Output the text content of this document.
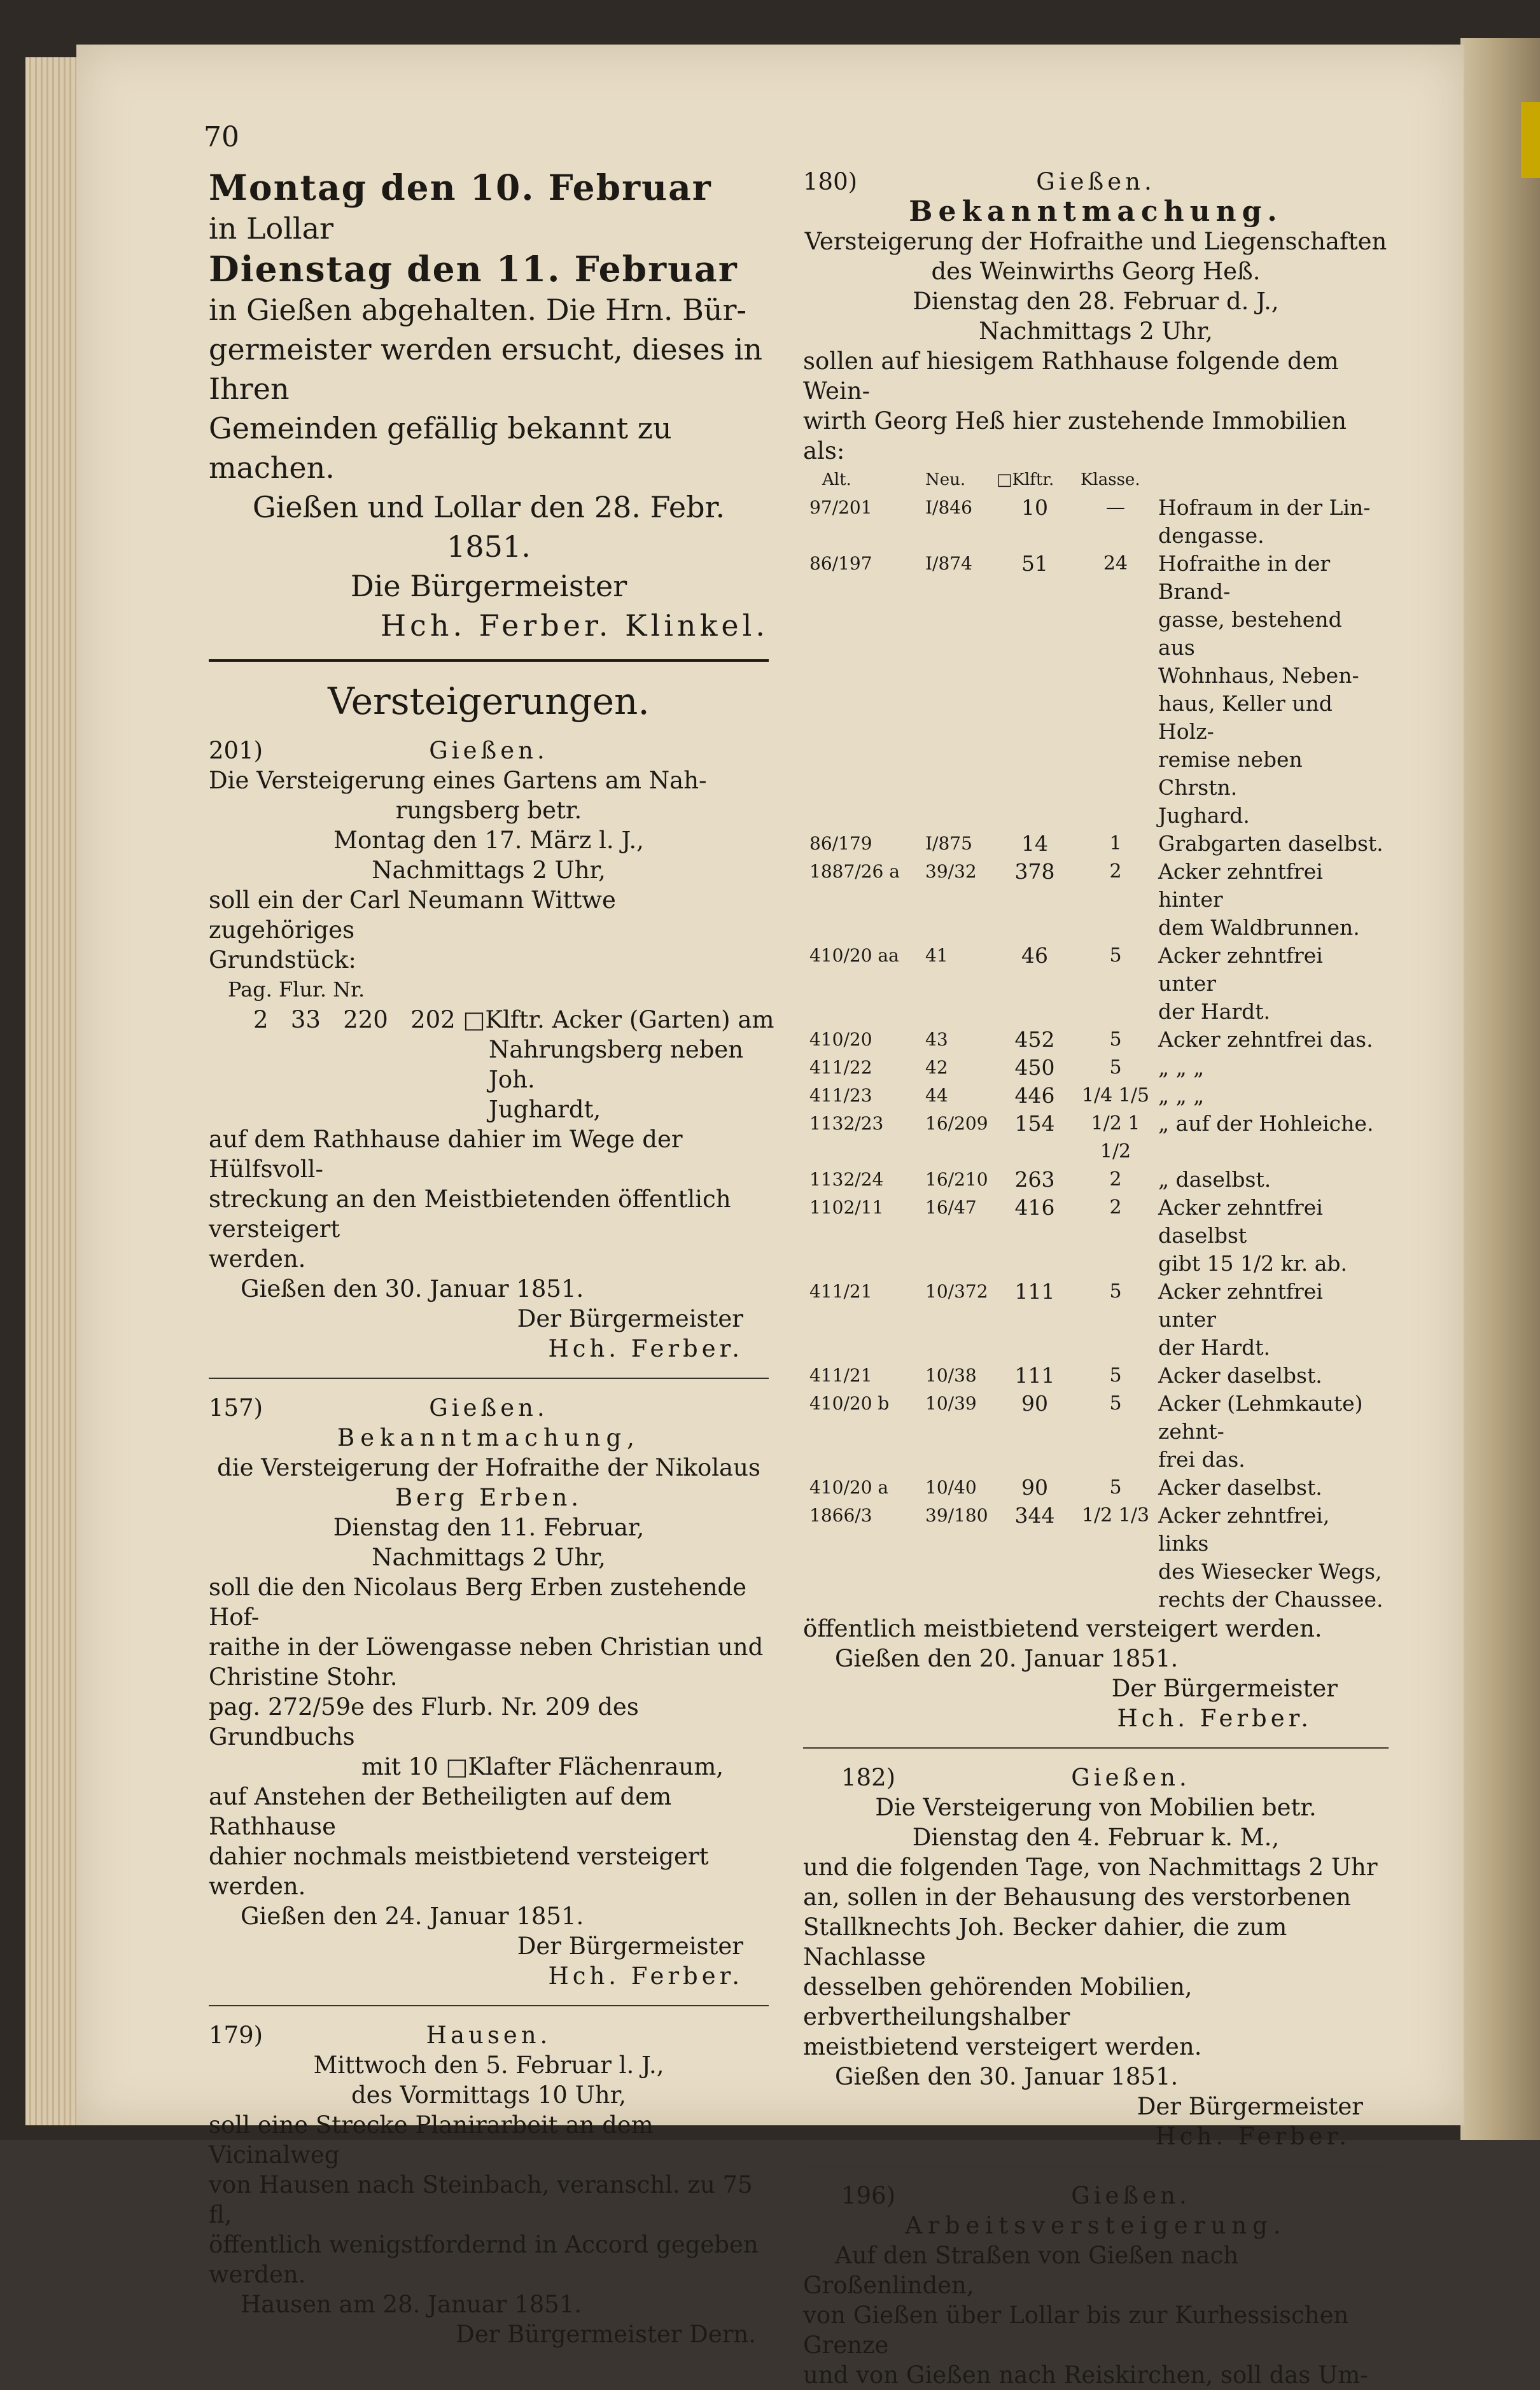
70

Montag den 10. Februar

in Lollar

Dienstag den 11. Februar

in Gießen abgehalten. Die Hrn. Bür-

germeister werden ersucht, dieses in Ihren

Gemeinden gefällig bekannt zu machen.

Gießen und Lollar den 28. Febr. 1851.

Die Bürgermeister

Hch. Ferber. Klinkel.

Versteigerungen.
201)	Gießen.

Die Versteigerung eines Gartens am Nah-

rungsberg betr.

Montag den 17. März l. J.,

Nachmittags 2 Uhr,

soll ein der Carl Neumann Wittwe zugehöriges

Grundstück:

Pag. Flur. Nr.

2   33   220   202 □Klftr. Acker (Garten) am

Nahrungsberg neben Joh.

Jughardt,

auf dem Rathhause dahier im Wege der Hülfsvoll-

streckung an den Meistbietenden öffentlich versteigert

werden.

Gießen den 30. Januar 1851.

Der Bürgermeister

Hch. Ferber.

157)	Gießen.

Bekanntmachung,

die Versteigerung der Hofraithe der Nikolaus

Berg Erben.

Dienstag den 11. Februar,

Nachmittags 2 Uhr,

soll die den Nicolaus Berg Erben zustehende Hof-

raithe in der Löwengasse neben Christian und

Christine Stohr.

pag. 272/59e des Flurb. Nr. 209 des Grundbuchs

mit 10 □Klafter Flächenraum,

auf Anstehen der Betheiligten auf dem Rathhause

dahier nochmals meistbietend versteigert werden.

Gießen den 24. Januar 1851.

Der Bürgermeister

Hch. Ferber.

179)	Hausen.

Mittwoch den 5. Februar l. J.,

des Vormittags 10 Uhr,

soll eine Strecke Planirarbeit an dem Vicinalweg

von Hausen nach Steinbach, veranschl. zu 75 fl,

öffentlich wenigstfordernd in Accord gegeben werden.

Hausen am 28. Januar 1851.

Der Bürgermeister Dern.

180)	Gießen.

Bekanntmachung.

Versteigerung der Hofraithe und Liegenschaften

des Weinwirths Georg Heß.

Dienstag den 28. Februar d. J.,

Nachmittags 2 Uhr,

sollen auf hiesigem Rathhause folgende dem Wein-

wirth Georg Heß hier zustehende Immobilien als:

Alt.	Neu.	□Klftr.	Klasse.	
97/201	I/846	10	—	Hofraum in der Lin-
				dengasse.
86/197	I/874	51	24	Hofraithe in der Brand-
				gasse, bestehend aus
				Wohnhaus, Neben-
				haus, Keller und Holz-
				remise neben Chrstn.
				Jughard.
86/179	I/875	14	1	Grabgarten daselbst.
1887/26 a	39/32	378	2	Acker zehntfrei hinter
				dem Waldbrunnen.
410/20 aa	41	46	5	Acker zehntfrei unter
				der Hardt.
410/20	43	452	5	Acker zehntfrei das.
411/22	42	450	5	„ „ „
411/23	44	446	1/4 1/5	„ „ „
1132/23	16/209	154	1/2 1 1/2	„ auf der Hohleiche.
1132/24	16/210	263	2	„ daselbst.
1102/11	16/47	416	2	Acker zehntfrei daselbst
				gibt 15 1/2 kr. ab.
411/21	10/372	111	5	Acker zehntfrei unter
				der Hardt.
411/21	10/38	111	5	Acker daselbst.
410/20 b	10/39	90	5	Acker (Lehmkaute) zehnt-
				frei das.
410/20 a	10/40	90	5	Acker daselbst.
1866/3	39/180	344	1/2 1/3	Acker zehntfrei, links
				des Wiesecker Wegs,
				rechts der Chaussee.

öffentlich meistbietend versteigert werden.

Gießen den 20. Januar 1851.

Der Bürgermeister

Hch. Ferber.

182)	Gießen.

Die Versteigerung von Mobilien betr.

Dienstag den 4. Februar k. M.,

und die folgenden Tage, von Nachmittags 2 Uhr

an, sollen in der Behausung des verstorbenen

Stallknechts Joh. Becker dahier, die zum Nachlasse

desselben gehörenden Mobilien, erbvertheilungshalber

meistbietend versteigert werden.

Gießen den 30. Januar 1851.

Der Bürgermeister

Hch. Ferber.

196)	Gießen.

Arbeitsversteigerung.

Auf den Straßen von Gießen nach Großenlinden,

von Gießen über Lollar bis zur Kurhessischen Grenze

und von Gießen nach Reiskirchen, soll das Um-
